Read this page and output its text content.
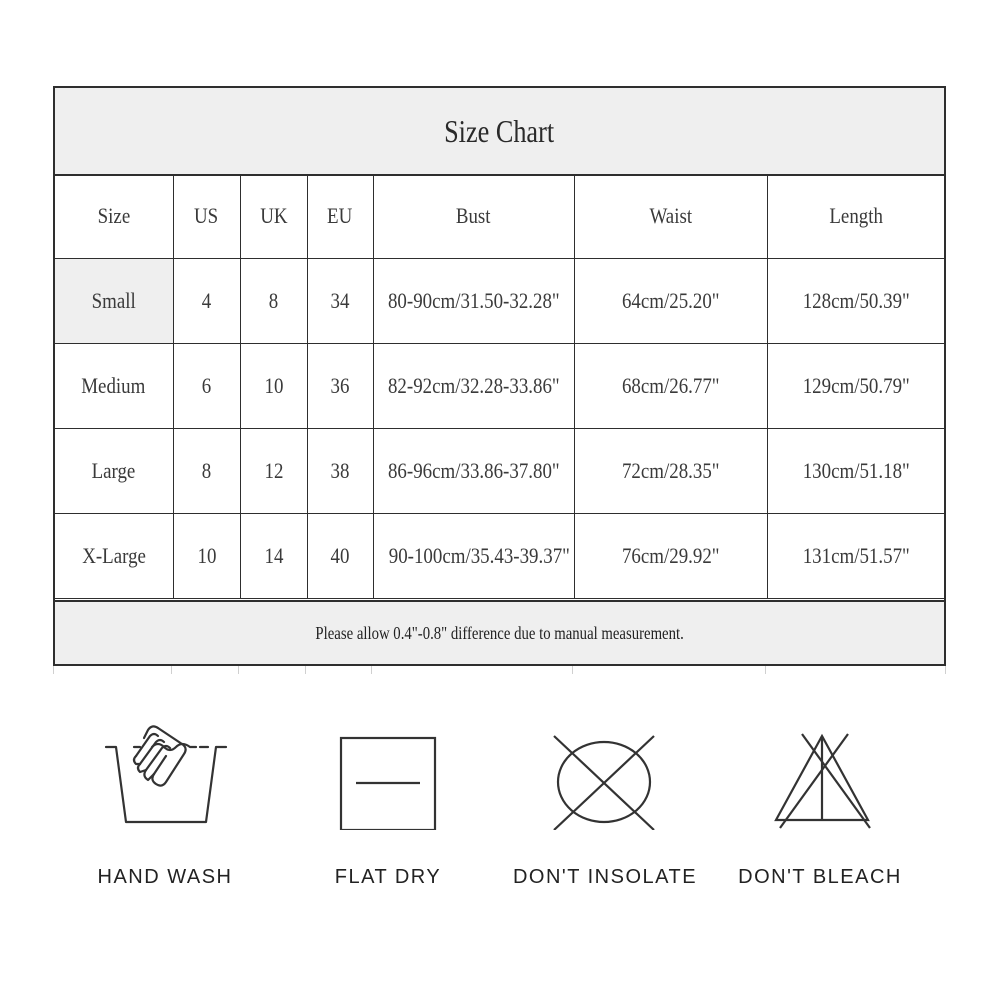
Size Chart
Size	US	UK	EU	Bust	Waist	Length
Small	4	8	34	80-90cm/31.50-32.28"	64cm/25.20"	128cm/50.39"
Medium	6	10	36	82-92cm/32.28-33.86"	68cm/26.77"	129cm/50.79"
Large	8	12	38	86-96cm/33.86-37.80"	72cm/28.35"	130cm/51.18"
X-Large	10	14	40	90-100cm/35.43-39.37"	76cm/29.92"	131cm/51.57"
Please allow 0.4"-0.8" difference due to manual measurement.
HAND WASH	FLAT DRY	DON'T INSOLATE	DON'T BLEACH
